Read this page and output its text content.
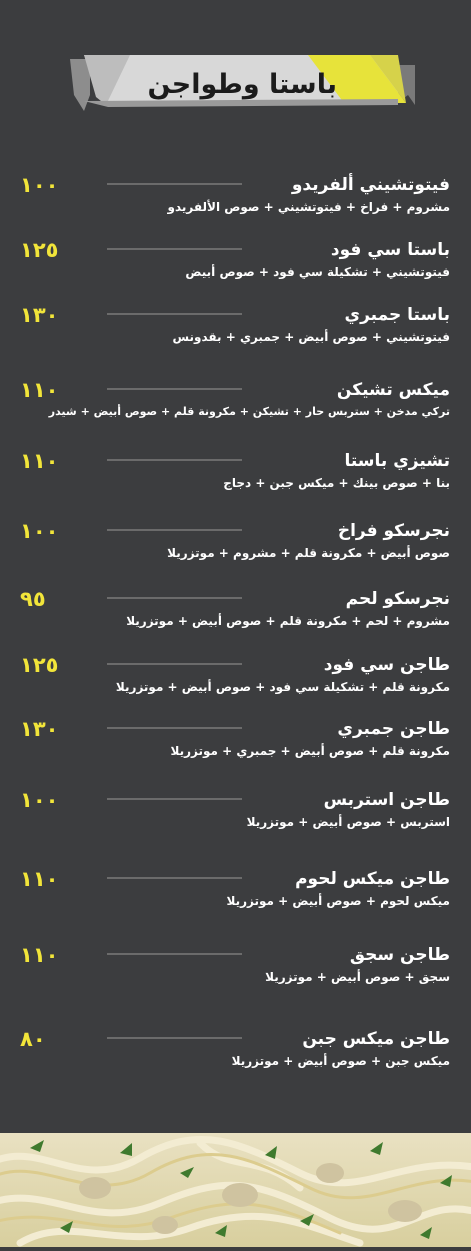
باستا وطواجن
فيتوتشيني ألفريدو
مشروم + فراخ + فيتوتشيني + صوص الألفريدو
١٠٠
باستا سي فود
فيتوتشيني + تشكيلة سي فود + صوص أبيض
١٢٥
باستا جمبري
فيتوتشيني + صوص أبيض + جمبري + بقدونس
١٣٠
ميكس تشيكن
تركي مدخن + ستربس حار + تشيكن + مكرونة قلم + صوص أبيض + شيدر
١١٠
تشيزي باستا
بنا + صوص بينك + ميكس جبن + دجاج
١١٠
نجرسكو فراخ
صوص أبيض + مكرونة قلم + مشروم + موتزريلا
١٠٠
نجرسكو لحم
مشروم + لحم + مكرونة قلم + صوص أبيض + موتزريلا
٩٥
طاجن سي فود
مكرونة قلم + تشكيلة سي فود + صوص أبيض + موتزريلا
١٢٥
طاجن جمبري
مكرونة قلم + صوص أبيض + جمبري + موتزريلا
١٣٠
طاجن استربس
استربس + صوص أبيض + موتزريلا
١٠٠
طاجن ميكس لحوم
ميكس لحوم + صوص أبيض + موتزريلا
١١٠
طاجن سجق
سجق + صوص أبيض + موتزريلا
١١٠
طاجن ميكس جبن
ميكس جبن + صوص أبيض + موتزريلا
٨٠
